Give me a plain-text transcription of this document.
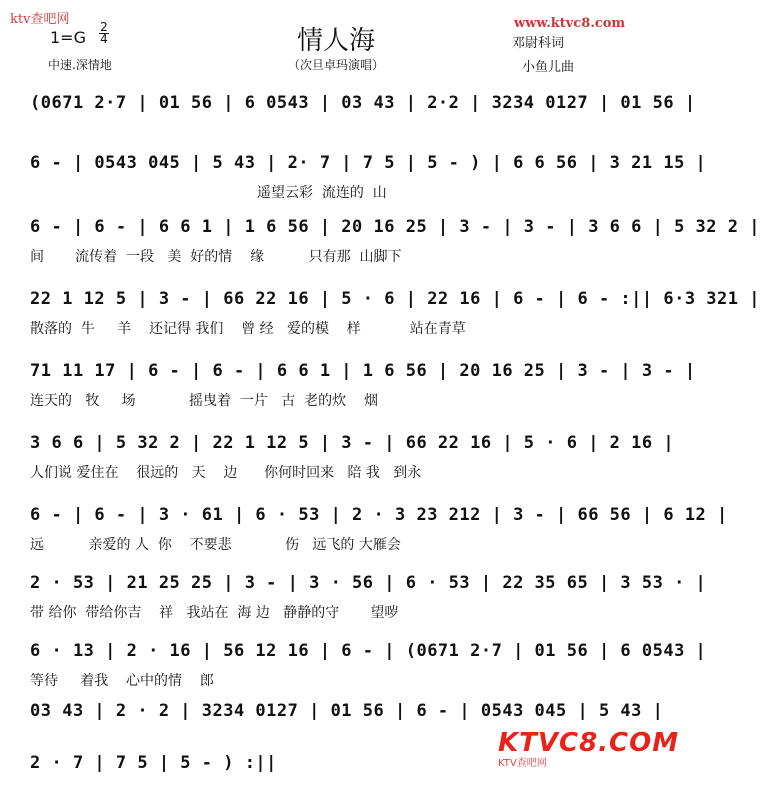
ktv查吧网	www.ktvc8.com
1=G
2
4	情人海
（次旦卓玛演唱）
邓尉科词
小鱼儿曲
中速.深情地
(0671 2·7 | 01 56 | 6 0543 | 03 43 | 2·2 | 3234 0127 | 01 56 |
6 - | 0543 045 | 5 43 | 2· 7 | 7 5 | 5 - ) | 6 6 56 | 3 21 15 |
遥望云彩  流连的  山
6 - | 6 - | 6 6 1 | 1 6 56 | 20 16 25 | 3 - | 3 - | 3 6 6 | 5 32 2 |
间       流传着  一段   美  好的情    缘          只有那  山脚下
22 1 12 5 | 3 - | 66 22 16 | 5 · 6 | 22 16 | 6 - | 6 - :|| 6·3 321 |
散落的  牛     羊    还记得 我们    曾 经   爱的模    样           站在青草
71 11 17 | 6 - | 6 - | 6 6 1 | 1 6 56 | 20 16 25 | 3 - | 3 - |
连天的   牧     场            摇曳着  一片   古  老的炊    烟
3 6 6 | 5 32 2 | 22 1 12 5 | 3 - | 66 22 16 | 5 · 6 | 2 16 |
人们说 爱住在    很远的   天    边      你何时回来   陪 我   到永
6 - | 6 - | 3 · 61 | 6 · 53 | 2 · 3 23 212 | 3 - | 66 56 | 6 12 |
远          亲爱的 人  你    不要悲            伤   远飞的 大雁会
2 · 53 | 21 25 25 | 3 - | 3 · 56 | 6 · 53 | 22 35 65 | 3 53 · |
带 给你  带给你吉    祥   我站在  海 边   静静的守       望哕
6 · 13 | 2 · 16 | 56 12 16 | 6 - | (0671 2·7 | 01 56 | 6 0543 |
等待     着我    心中的情    郎
03 43 | 2 · 2 | 3234 0127 | 01 56 | 6 - | 0543 045 | 5 43 |
2 · 7 | 7 5 | 5 - ) :||
KTVC8.COM
KTV查吧网
